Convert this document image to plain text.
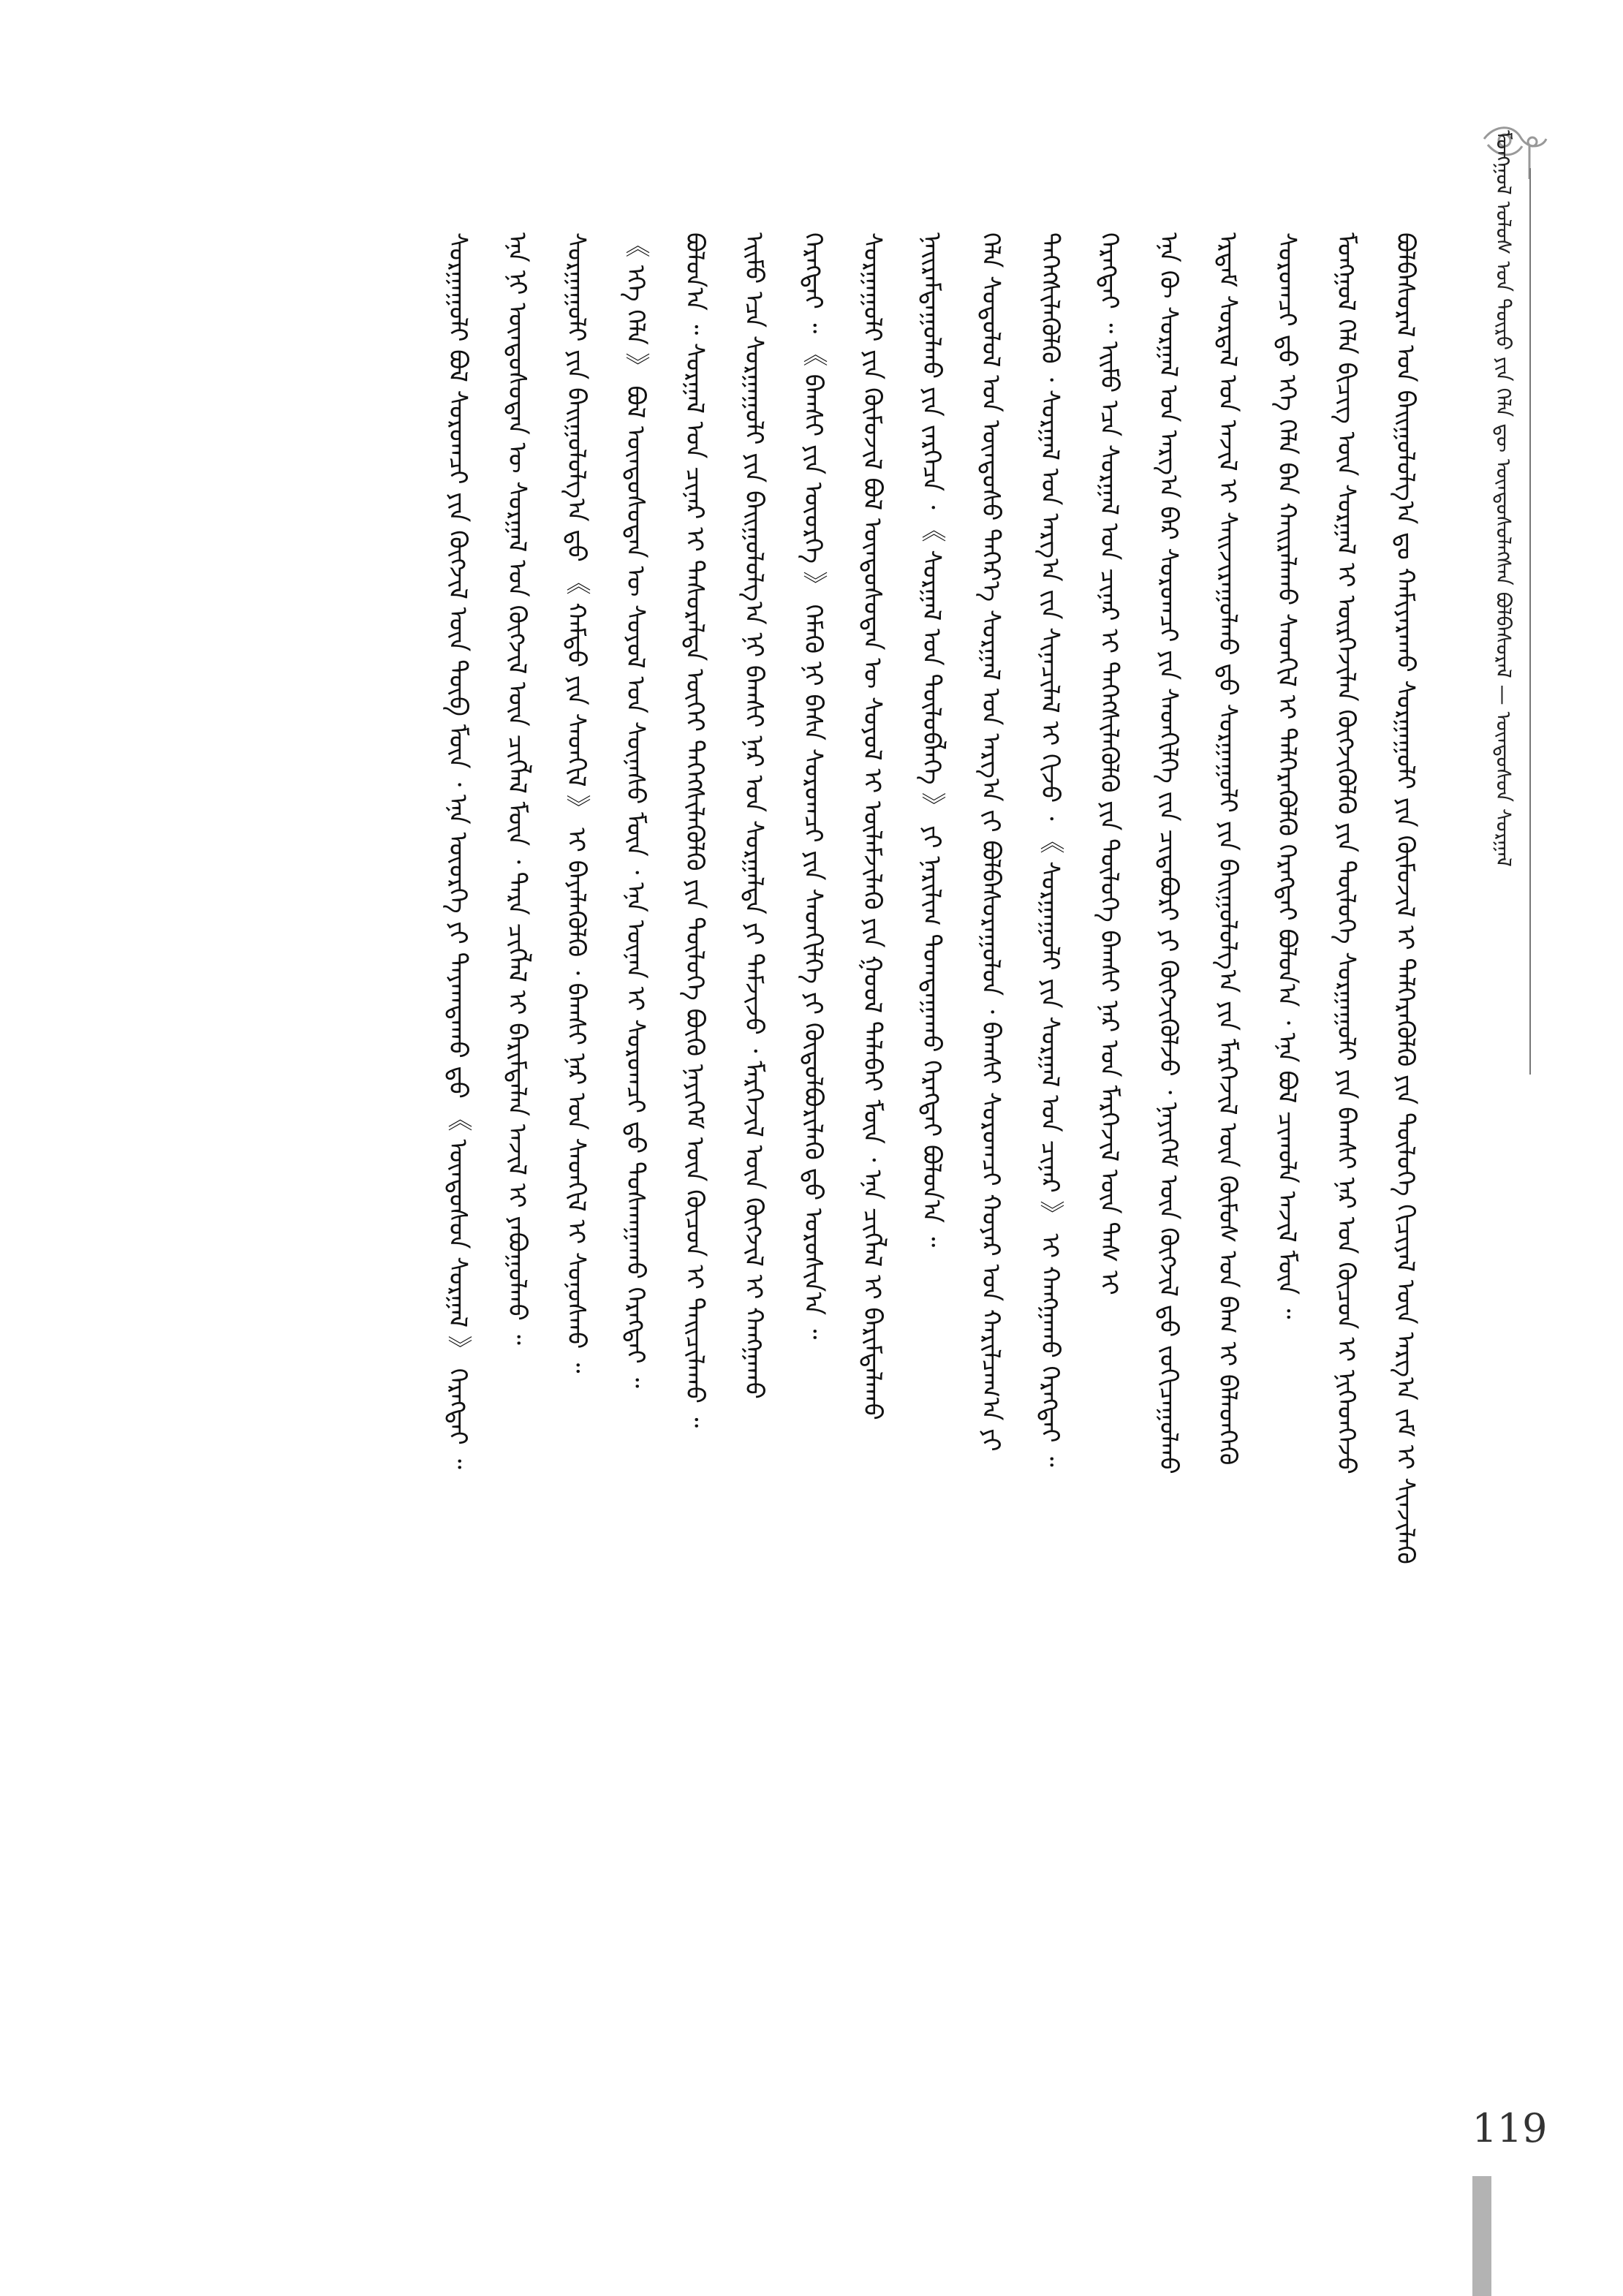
ᠮᠣᠩᠭᠣᠯ ᠤᠯᠤᠰ ᠤᠨ ᠲᠦᠷᠦ ᠶᠢᠨ ᠬᠡᠯᠡ ᠳᠦ ᠦᠨᠳᠦᠰᠦᠯᠡᠭᠰᠡᠨ ᠪᠣᠯᠪᠠᠰᠤᠷᠠᠯ — ᠦᠨᠳᠦᠰᠦᠨ ᠰᠤᠷᠭᠠᠯ
ᠪᠣᠯᠪᠠᠰᠤᠷᠠᠯ ᠤᠨ ᠪᠠᠢᠭᠤᠯᠤᠯᠭ᠎ᠠ ᠳᠤ ᠬᠠᠮᠢᠶᠠᠷᠠᠬᠤ ᠰᠤᠷᠭᠠᠭᠤᠯᠢ ᠶᠢᠨ ᠬᠦᠮᠦᠵᠢᠯ ᠢ ᠲᠡᠯᠭᠡᠷᠡᠭᠦᠯᠬᠦ ᠶᠢᠨ ᠲᠥᠯᠥᠭᠡ ᠬᠢᠴᠢᠶᠡᠯ ᠦᠨ ᠠᠷᠭ᠎ᠠ ᠵᠠᠮ ᠢ ᠰᠢᠨᠵᠢᠯᠡᠬᠦ
ᠮᠣᠩᠭᠣᠯ ᠬᠡᠯᠡ ᠪᠢᠴᠢᠭ ᠦᠨ ᠰᠤᠷᠭᠠᠯ ᠢ ᠦᠷᠭᠡᠵᠢᠯᠡᠨ ᠬᠥᠭᠵᠢᠭᠦᠯᠬᠦ ᠶᠢᠨ ᠲᠥᠯᠥᠭᠡ ᠰᠤᠷᠭᠠᠭᠤᠯᠢ ᠶᠢᠨ ᠪᠠᠭᠰᠢ ᠨᠠᠷ ᠤᠨ ᠬᠦᠴᠦᠨ ᠢ ᠨᠢᠭᠡᠳᠭᠡᠵᠦ
ᠰᠤᠷᠤᠭᠴᠢ ᠳ᠋ᠤ ᠡᠬᠡ ᠬᠡᠯᠡ ᠪᠡᠨ ᠬᠠᠢᠷᠠᠯᠠᠬᠤ ᠰᠡᠳᠭᠢᠯ ᠢ ᠲᠡᠯᠭᠡᠷᠡᠭᠦᠯᠬᠦ ᠬᠡᠷᠡᠭᠲᠡᠢ ᠪᠣᠯᠤᠨ᠎ᠠ ᠂ ᠡᠨᠡ ᠪᠣᠯ ᠴᠢᠬᠤᠯᠠ ᠠᠵᠢᠯ ᠮᠥᠨ ᠃
ᠡᠷᠳᠡᠮ ᠰᠤᠷᠳᠠᠯ ᠤᠨ ᠠᠵᠢᠯ ᠢ ᠰᠠᠢᠵᠢᠷᠠᠭᠤᠯᠬᠤ ᠳ᠋ᠤ ᠰᠤᠷᠭᠠᠭᠤᠯᠢ ᠶᠢᠨ ᠪᠠᠢᠭᠤᠯᠤᠯᠭ᠎ᠠ ᠶᠢᠨ ᠮᠡᠷᠭᠡᠵᠢᠯ ᠦᠨ ᠬᠦᠮᠦᠰ ᠤᠨ ᠪᠠᠭ ᠢ ᠪᠡᠯᠡᠳᠬᠡᠬᠦ
ᠡᠨᠡ ᠬᠦ ᠰᠤᠷᠭᠠᠯ ᠤᠨ ᠠᠷᠭ᠎ᠠ ᠪᠠᠷ ᠰᠤᠷᠤᠭᠴᠢ ᠶᠢᠨ ᠰᠡᠳᠬᠢᠯᠭᠡ ᠵᠢᠨ ᠴᠢᠳᠠᠪᠤᠷᠢ ᠶᠢ ᠬᠥᠭᠵᠢᠭᠦᠯᠵᠦ ᠂ ᠨᠡᠶᠢᠭᠡᠮ ᠦᠨ ᠬᠥᠭᠵᠢᠯ ᠳ᠋ᠦ ᠵᠣᠬᠢᠴᠠᠭᠤᠯᠬᠤ
ᠬᠡᠷᠡᠭᠲᠡᠢ ᠃ ᠡᠢᠮᠦ ᠡᠴᠡ ᠰᠤᠷᠭᠠᠯ ᠤᠨ ᠴᠢᠨᠠᠷ ᠢ ᠳᠡᠭᠡᠭᠰᠢᠯᠡᠭᠦᠯᠬᠦ ᠶᠢᠨ ᠲᠥᠯᠥᠭᠡ ᠪᠠᠭᠰᠢ ᠨᠠᠷ ᠤᠨ ᠮᠡᠷᠭᠡᠵᠢᠯ ᠦᠨ ᠳᠡᠰ ᠢ
ᠳᠡᠭᠡᠭᠰᠢᠯᠡᠭᠦᠯᠬᠦ ᠂ ᠰᠤᠷᠭᠠᠯ ᠤᠨ ᠠᠷᠭ᠎ᠠ ᠵᠢᠨ ᠰᠢᠨᠡᠴᠢᠯᠡᠯ ᠢ ᠬᠢᠵᠦ ᠂ 《 ᠰᠤᠷᠭᠠᠭᠤᠯᠢ ᠶᠢᠨ ᠰᠤᠷᠭᠠᠯ ᠤᠨ ᠴᠢᠨᠠᠷ 》 ᠢ ᠬᠠᠩᠭᠠᠬᠤ ᠬᠡᠷᠡᠭᠲᠡᠢ ᠃
ᠬᠡᠯᠡ ᠰᠤᠳᠤᠯᠤᠯ ᠤᠨ ᠦᠨᠳᠦᠰᠦ ᠳᠡᠭᠡᠷ᠎ᠡ ᠰᠤᠷᠭᠠᠯ ᠤᠨ ᠠᠷᠭ᠎ᠠ ᠵᠢ ᠪᠣᠯᠪᠠᠰᠤᠷᠠᠭᠤᠯᠤᠨ ᠂ ᠪᠠᠭᠰᠢ ᠰᠤᠷᠤᠭᠴᠢ ᠬᠣᠶᠠᠷ ᠤᠨ ᠬᠠᠷᠢᠯᠴᠠᠭ᠎ᠠ ᠶᠢ
ᠨᠠᠢᠷᠠᠮᠳᠠᠭᠤᠯᠬᠤ ᠶᠢᠨ ᠵᠡᠷᠭᠡᠴᠡ ᠂ 《 ᠰᠤᠷᠭᠠᠯ ᠤᠨ ᠲᠥᠯᠥᠪᠯᠡᠭᠡ 》 ᠶᠢ ᠨᠠᠷᠢᠯᠢᠭ ᠲᠣᠭᠲᠠᠭᠠᠬᠤ ᠬᠡᠷᠡᠭᠲᠡᠢ ᠪᠣᠯᠤᠨ᠎ᠠ ᠃
ᠰᠤᠷᠭᠠᠭᠤᠯᠢ ᠶᠢᠨ ᠬᠦᠮᠦᠵᠢᠯ ᠪᠣᠯ ᠦᠨᠳᠦᠰᠦᠲᠡᠨ ᠦ ᠰᠣᠶᠣᠯ ᠢ ᠦᠯᠡᠮᠵᠢᠯᠡᠬᠦ ᠶᠢᠨ ᠭᠣᠣᠯ ᠲᠠᠯᠠᠪᠠᠢ ᠮᠥᠨ ᠂ ᠡᠨᠡ ᠴᠢᠭᠯᠡᠯ ᠢ ᠪᠠᠷᠢᠮᠲᠠᠯᠠᠬᠤ
ᠬᠡᠷᠡᠭᠲᠡᠢ ᠃ 《 ᠪᠠᠭᠰᠢ ᠶᠢᠨ ᠦᠦᠷᠭᠡ 》 ᠬᠡᠮᠡᠬᠦ ᠨᠢ ᠪᠠᠰᠠ ᠰᠤᠷᠤᠭᠴᠢ ᠶᠢᠨ ᠰᠡᠳᠬᠢᠯᠭᠡ ᠶᠢ ᠬᠥᠲᠥᠯᠪᠦᠷᠢᠯᠡᠬᠦ ᠳ᠋ᠦ ᠣᠷᠣᠰᠢᠨ᠎ᠠ ᠃
ᠡᠢᠮᠦ ᠡᠴᠡ ᠰᠤᠷᠭᠠᠭᠤᠯᠢ ᠶᠢᠨ ᠪᠠᠢᠭᠤᠯᠤᠯᠭ᠎ᠠ ᠨᠢ ᠪᠠᠭᠰᠢ ᠨᠠᠷ ᠤᠨ ᠰᠤᠷᠭᠠᠯᠲᠠ ᠶᠢ ᠳᠡᠮᠵᠢᠵᠦ ᠂ ᠮᠡᠷᠭᠡᠵᠢᠯ ᠦᠨ ᠬᠥᠭᠵᠢᠯ ᠢ ᠬᠠᠩᠭᠠᠬᠤ
ᠪᠣᠯᠤᠨ᠎ᠠ ᠃ ᠰᠤᠷᠭᠠᠯ ᠤᠨ ᠴᠢᠨᠠᠷ ᠢ ᠲᠠᠰᠤᠷᠠᠯᠲᠠ ᠦᠭᠡᠢ ᠳᠡᠭᠡᠭᠰᠢᠯᠡᠭᠦᠯᠬᠦ ᠶᠢᠨ ᠲᠥᠯᠥᠭᠡ ᠪᠦᠬᠦ ᠨᠡᠶᠢᠭᠡᠮ ᠦᠨ ᠬᠦᠴᠦᠨ ᠢ ᠳᠠᠢᠴᠢᠯᠠᠬᠤ ᠃
《 ᠡᠬᠡ ᠬᠡᠯᠡ 》 ᠪᠣᠯ ᠦᠨᠳᠦᠰᠦᠲᠡᠨ ᠦ ᠰᠣᠶᠣᠯ ᠤᠨ ᠰᠦᠨᠡᠰᠦ ᠮᠥᠨ ᠂ ᠡᠨᠡ ᠦᠨᠡᠨ ᠢ ᠰᠤᠷᠤᠭᠴᠢ ᠳ᠋ᠤ ᠲᠤᠰᠬᠠᠭᠠᠬᠤ ᠬᠡᠷᠡᠭᠲᠡᠢ ᠃
ᠰᠤᠷᠭᠠᠭᠤᠯᠢ ᠶᠢᠨ ᠪᠠᠢᠭᠤᠯᠤᠯᠭ᠎ᠠ ᠳ᠋ᠤ 《 ᠬᠠᠮᠲᠤ ᠶᠢᠨ ᠰᠡᠳᠬᠢᠯ 》 ᠢ ᠪᠡᠶᠡᠯᠡᠭᠦᠯᠬᠦ ᠂ ᠪᠠᠭᠰᠢ ᠨᠠᠷ ᠤᠨ ᠰᠡᠳᠬᠢᠯ ᠢ ᠰᠣᠨᠣᠰᠬᠤ ᠃
ᠡᠨᠡ ᠨᠢ ᠦᠨᠳᠦᠰᠦᠲᠡᠨ ᠦ ᠰᠤᠷᠭᠠᠯ ᠤᠨ ᠬᠥᠭᠵᠢᠯ ᠦᠨ ᠴᠢᠭᠯᠡᠯ ᠮᠥᠨ ᠂ ᠲᠡᠷᠡ ᠴᠢᠭᠯᠡᠯ ᠢ ᠪᠠᠷᠢᠮᠲᠠᠯᠠᠨ ᠠᠵᠢᠯ ᠢ ᠶᠠᠪᠤᠭᠤᠯᠬᠤ ᠃
ᠰᠤᠷᠭᠠᠭᠤᠯᠢ ᠪᠣᠯ ᠰᠤᠷᠤᠭᠴᠢ ᠶᠢᠨ ᠬᠥᠭᠵᠢᠯ ᠦᠨ ᠲᠥᠪ ᠮᠥᠨ ᠂ ᠡᠨᠡ ᠦᠦᠷᠭᠡ ᠶᠢ ᠳᠠᠶᠠᠭᠳᠠᠬᠤ ᠳ᠋ᠤ 《 ᠦᠨᠳᠦᠰᠦᠨ ᠰᠤᠷᠭᠠᠯ 》 ᠬᠡᠷᠡᠭᠲᠡᠢ ᠃
119
